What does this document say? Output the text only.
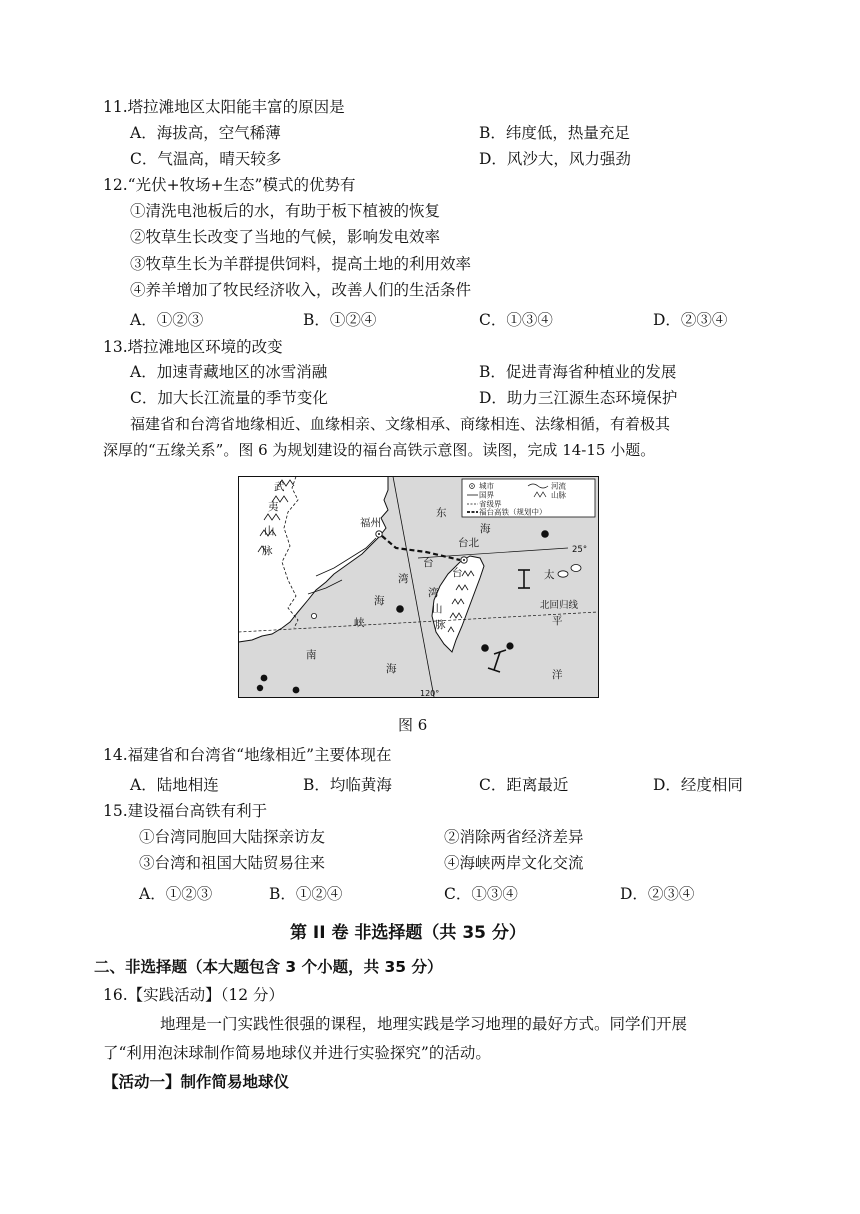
11.塔拉滩地区太阳能丰富的原因是
A．海拔高，空气稀薄	B．纬度低，热量充足
C．气温高，晴天较多	D．风沙大，风力强劲
12.“光伏+牧场+生态”模式的优势有
①清洗电池板后的水，有助于板下植被的恢复
②牧草生长改变了当地的气候，影响发电效率
③牧草生长为羊群提供饲料，提高土地的利用效率
④养羊增加了牧民经济收入，改善人们的生活条件
A．①②③	B．①②④	C．①③④	D．②③④
13.塔拉滩地区环境的改变
A．加速青藏地区的冰雪消融	B．促进青海省种植业的发展
C．加大长江流量的季节变化	D．助力三江源生态环境保护
福建省和台湾省地缘相近、血缘相亲、文缘相承、商缘相连、法缘相循，有着极其
深厚的“五缘关系”。图 6 为规划建设的福台高铁示意图。读图，完成 14-15 小题。
城市	河流
国界	山脉
省级界
福台高铁（规划中）
武
夷
山
脉
福州
台北
东
海
台
湾
海
峡
台
湾
山
脉
太
平
洋
南
海
25°
北回归线
120°
图 6
14.福建省和台湾省“地缘相近”主要体现在
A．陆地相连	B．均临黄海	C．距离最近	D．经度相同
15.建设福台高铁有利于
①台湾同胞回大陆探亲访友	②消除两省经济差异
③台湾和祖国大陆贸易往来	④海峡两岸文化交流
A．①②③	B．①②④	C．①③④	D．②③④
第 II 卷 非选择题（共 35 分）
二、非选择题（本大题包含 3 个小题，共 35 分）
16.【实践活动】（12 分）
地理是一门实践性很强的课程，地理实践是学习地理的最好方式。同学们开展
了“利用泡沫球制作简易地球仪并进行实验探究”的活动。
【活动一】制作简易地球仪
